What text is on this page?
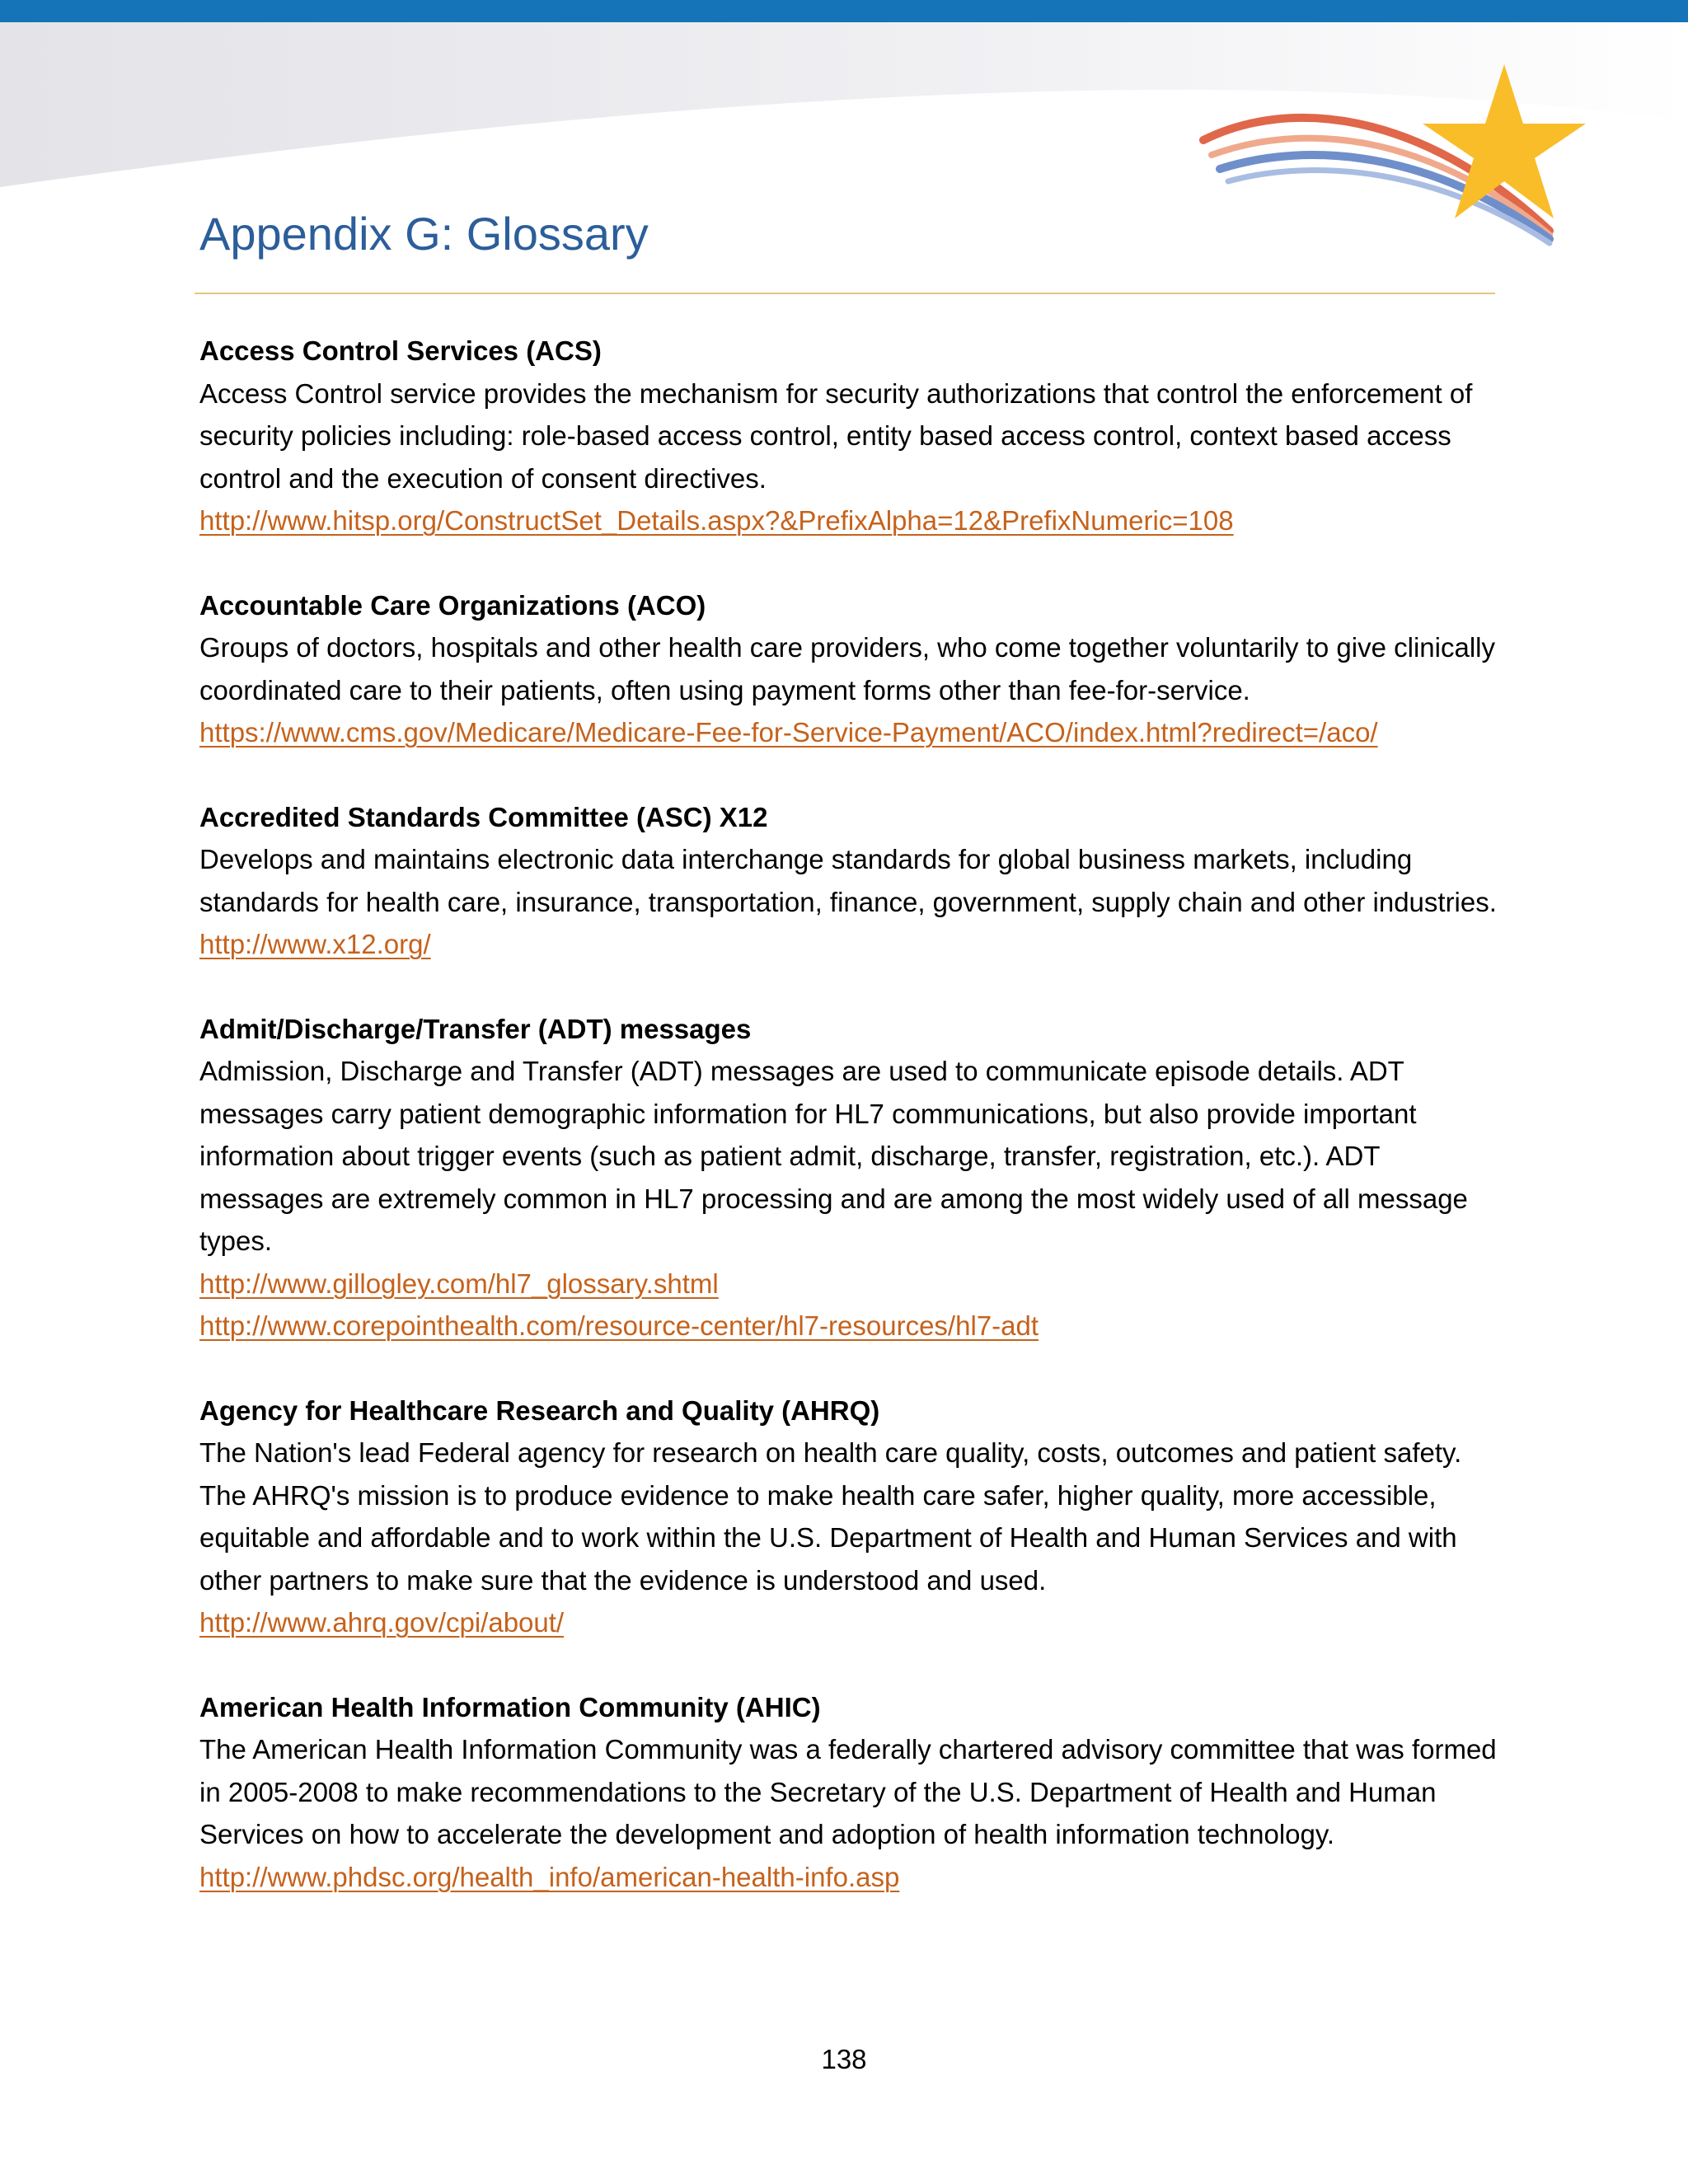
Appendix G: Glossary
Access Control Services (ACS)
Access Control service provides the mechanism for security authorizations that control the enforcement of security policies including: role-based access control, entity based access control, context based access control and the execution of consent directives.
http://www.hitsp.org/ConstructSet_Details.aspx?&PrefixAlpha=12&PrefixNumeric=108
Accountable Care Organizations (ACO)
Groups of doctors, hospitals and other health care providers, who come together voluntarily to give clinically coordinated care to their patients, often using payment forms other than fee-for-service.
https://www.cms.gov/Medicare/Medicare-Fee-for-Service-Payment/ACO/index.html?redirect=/aco/
Accredited Standards Committee (ASC) X12
Develops and maintains electronic data interchange standards for global business markets, including standards for health care, insurance, transportation, finance, government, supply chain and other industries.
http://www.x12.org/
Admit/Discharge/Transfer (ADT) messages
Admission, Discharge and Transfer (ADT) messages are used to communicate episode details. ADT messages carry patient demographic information for HL7 communications, but also provide important information about trigger events (such as patient admit, discharge, transfer, registration, etc.). ADT messages are extremely common in HL7 processing and are among the most widely used of all message types.
http://www.gillogley.com/hl7_glossary.shtml
http://www.corepointhealth.com/resource-center/hl7-resources/hl7-adt
Agency for Healthcare Research and Quality (AHRQ)
The Nation's lead Federal agency for research on health care quality, costs, outcomes and patient safety. The AHRQ's mission is to produce evidence to make health care safer, higher quality, more accessible, equitable and affordable and to work within the U.S. Department of Health and Human Services and with other partners to make sure that the evidence is understood and used.
http://www.ahrq.gov/cpi/about/
American Health Information Community (AHIC)
The American Health Information Community was a federally chartered advisory committee that was formed in 2005-2008 to make recommendations to the Secretary of the U.S. Department of Health and Human Services on how to accelerate the development and adoption of health information technology.
http://www.phdsc.org/health_info/american-health-info.asp
138
